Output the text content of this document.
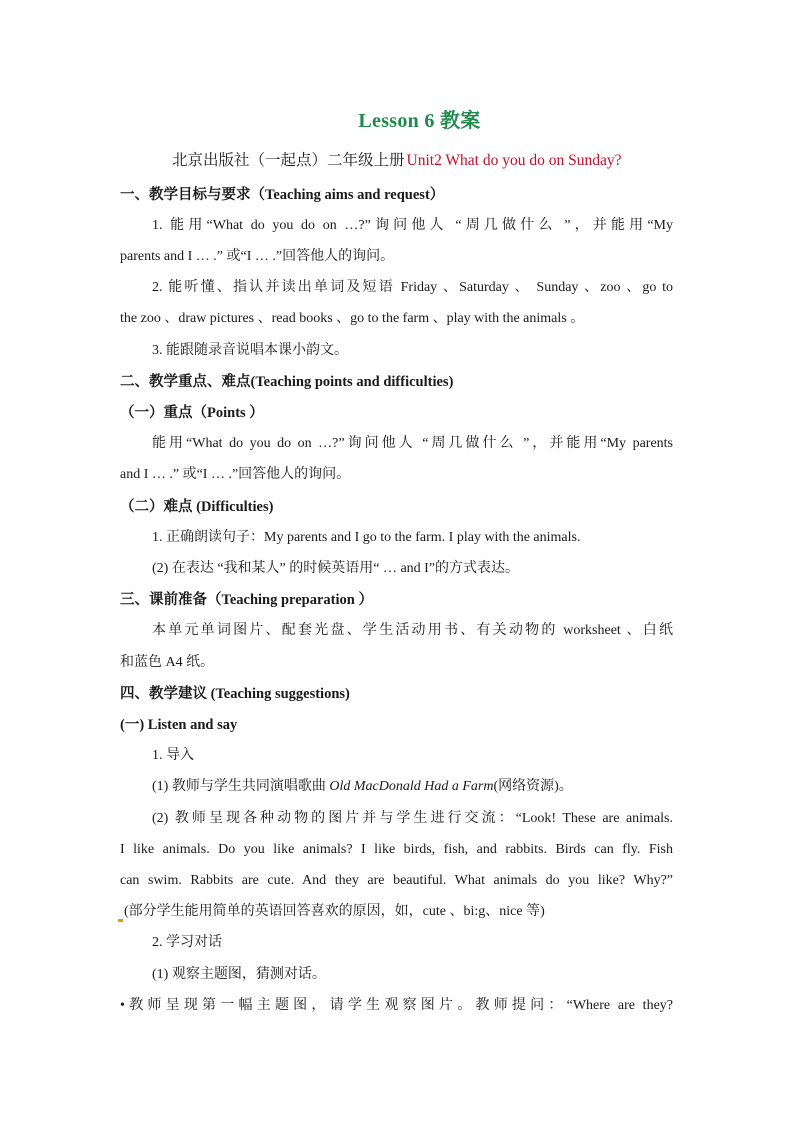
Lesson 6 教案
北京出版社（一起点）二年级上册 Unit2 What do you do on Sunday?
一、教学目标与要求（Teaching aims and request）
1. 能用“What do you do on …?”询问他人 “周几做什么 ”，并能用“My
parents and I … .” 或“I … .”回答他人的询问。
2. 能听懂、指认并读出单词及短语 Friday 、Saturday 、 Sunday 、zoo 、go to
the zoo 、draw pictures 、read books 、go to the farm 、play with the animals 。
3. 能跟随录音说唱本课小韵文。
二、教学重点、难点(Teaching points and difficulties)
（一）重点（Points ）
能用“What do you do on …?”询问他人 “周几做什么 ”，并能用“My parents
and I … .” 或“I … .”回答他人的询问。
（二）难点 (Difficulties)
1. 正确朗读句子：My parents and I go to the farm. I play with the animals.
(2) 在表达 “我和某人” 的时候英语用“ … and I”的方式表达。
三、课前准备（Teaching preparation ）
本单元单词图片、配套光盘、学生活动用书、有关动物的 worksheet 、白纸
和蓝色 A4 纸。
四、教学建议 (Teaching suggestions)
(一) Listen and say
1. 导入
(1) 教师与学生共同演唱歌曲 Old MacDonald Had a Farm(网络资源)。
(2) 教师呈现各种动物的图片并与学生进行交流：“Look! These are animals.
I like animals. Do you like animals? I like birds, fish, and rabbits. Birds can fly. Fish
can swim. Rabbits are cute. And they are beautiful. What animals do you like? Why?”
(部分学生能用简单的英语回答喜欢的原因，如，cute 、bi:g、nice 等)
2. 学习对话
(1) 观察主题图，猜测对话。
•教师呈现第一幅主题图，请学生观察图片。教师提问：“Where are they?
